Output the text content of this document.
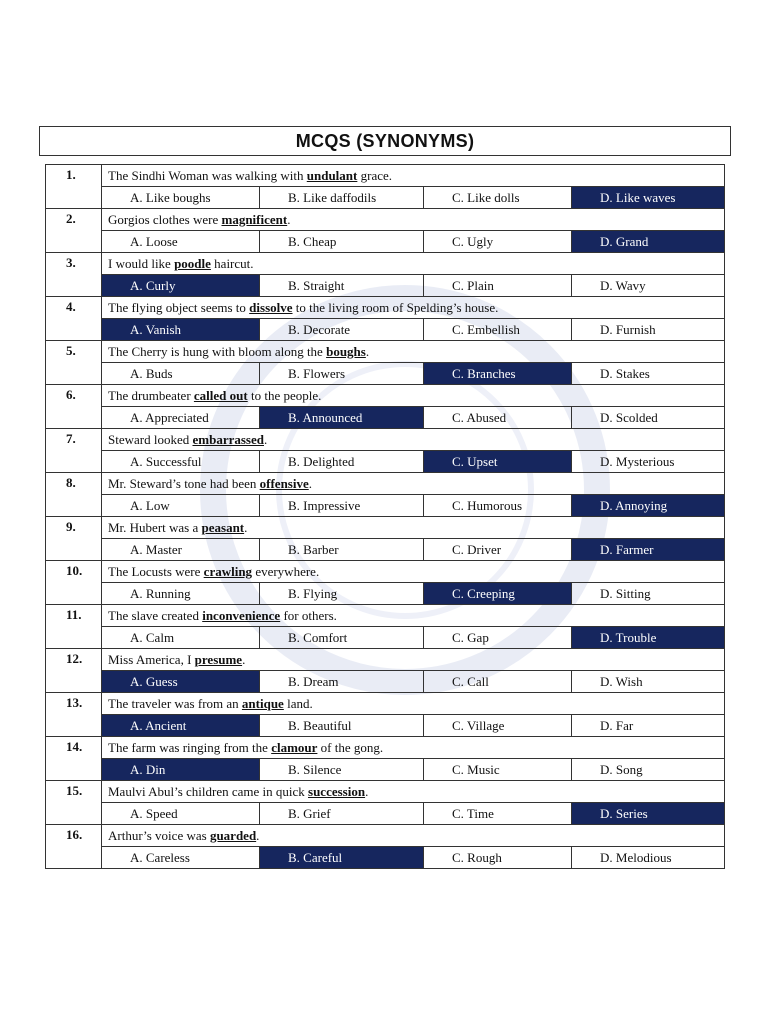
MCQS (SYNONYMS)
1.	The Sindhi Woman was walking with undulant grace.			
	A. Like boughs	B. Like daffodils	C. Like dolls	D. Like waves
2.	Gorgios clothes were magnificent.			
	A. Loose	B. Cheap	C. Ugly	D. Grand
3.	I would like poodle haircut.			
	A. Curly	B. Straight	C. Plain	D. Wavy
4.	The flying object seems to dissolve to the living room of Spelding’s house.			
	A. Vanish	B. Decorate	C. Embellish	D. Furnish
5.	The Cherry is hung with bloom along the boughs.			
	A. Buds	B. Flowers	C. Branches	D. Stakes
6.	The drumbeater called out to the people.			
	A. Appreciated	B. Announced	C. Abused	D. Scolded
7.	Steward looked embarrassed.			
	A. Successful	B. Delighted	C. Upset	D. Mysterious
8.	Mr. Steward’s tone had been offensive.			
	A. Low	B. Impressive	C. Humorous	D. Annoying
9.	Mr. Hubert was a peasant.			
	A. Master	B. Barber	C. Driver	D. Farmer
10.	The Locusts were crawling everywhere.			
	A. Running	B. Flying	C. Creeping	D. Sitting
11.	The slave created inconvenience for others.			
	A. Calm	B. Comfort	C. Gap	D. Trouble
12.	Miss America, I presume.			
	A. Guess	B. Dream	C. Call	D. Wish
13.	The traveler was from an antique land.			
	A. Ancient	B. Beautiful	C. Village	D. Far
14.	The farm was ringing from the clamour of the gong.			
	A. Din	B. Silence	C. Music	D. Song
15.	Maulvi Abul’s children came in quick succession.			
	A. Speed	B. Grief	C. Time	D. Series
16.	Arthur’s voice was guarded.			
	A. Careless	B. Careful	C. Rough	D. Melodious
